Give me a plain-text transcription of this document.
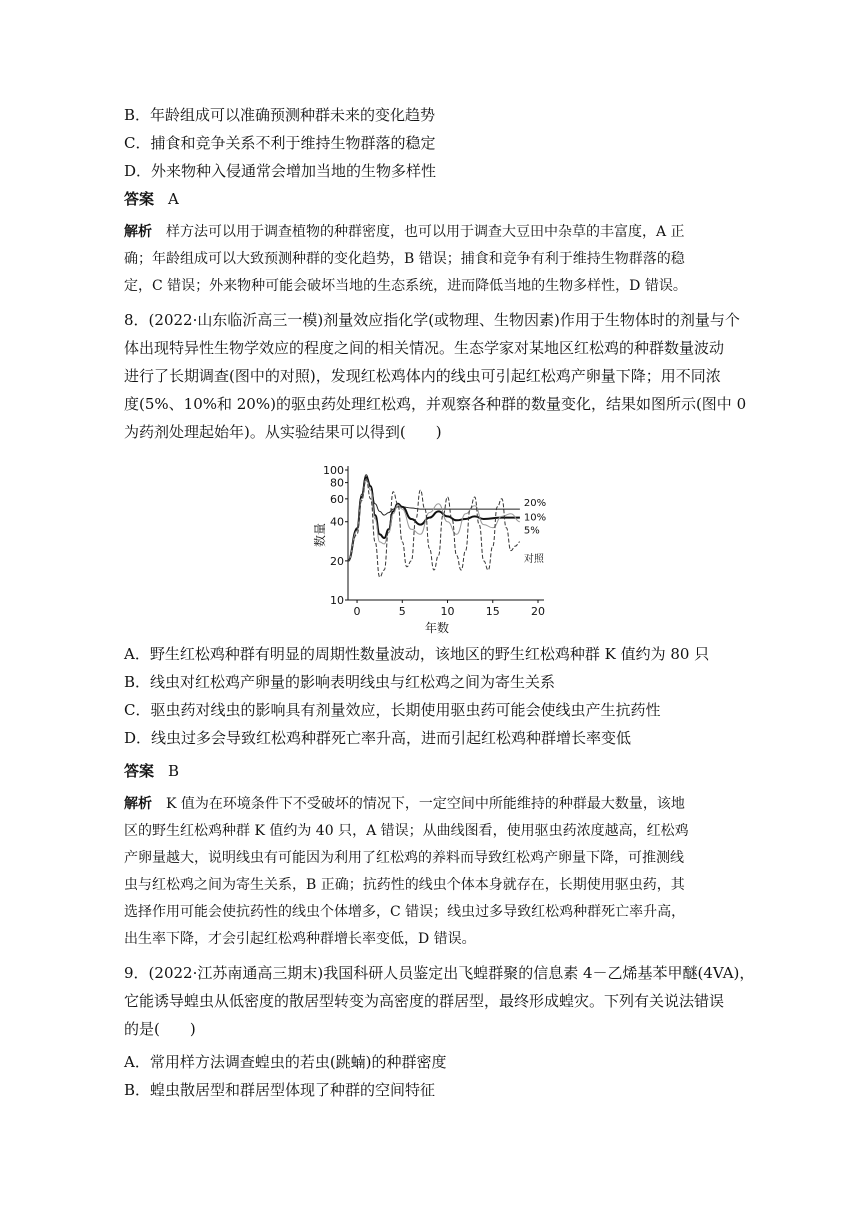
B．年龄组成可以准确预测种群未来的变化趋势
C．捕食和竞争关系不利于维持生物群落的稳定
D．外来物种入侵通常会增加当地的生物多样性
答案 A
解析 样方法可以用于调查植物的种群密度，也可以用于调查大豆田中杂草的丰富度，A 正
确；年龄组成可以大致预测种群的变化趋势，B 错误；捕食和竞争有利于维持生物群落的稳
定，C 错误；外来物种可能会破坏当地的生态系统，进而降低当地的生物多样性，D 错误。
8．(2022·山东临沂高三一模)剂量效应指化学(或物理、生物因素)作用于生物体时的剂量与个
体出现特异性生物学效应的程度之间的相关情况。生态学家对某地区红松鸡的种群数量波动
进行了长期调查(图中的对照)，发现红松鸡体内的线虫可引起红松鸡产卵量下降；用不同浓
度(5%、10%和 20%)的驱虫药处理红松鸡，并观察各种群的数量变化，结果如图所示(图中 0
为药剂处理起始年)。从实验结果可以得到(　　)
10
20
40
60
80
100
0	5	10	15	20
年数
数量
20%
10%
5%
对照
A．野生红松鸡种群有明显的周期性数量波动，该地区的野生红松鸡种群 K 值约为 80 只
B．线虫对红松鸡产卵量的影响表明线虫与红松鸡之间为寄生关系
C．驱虫药对线虫的影响具有剂量效应，长期使用驱虫药可能会使线虫产生抗药性
D．线虫过多会导致红松鸡种群死亡率升高，进而引起红松鸡种群增长率变低
答案 B
解析 K 值为在环境条件下不受破坏的情况下，一定空间中所能维持的种群最大数量，该地
区的野生红松鸡种群 K 值约为 40 只，A 错误；从曲线图看，使用驱虫药浓度越高，红松鸡
产卵量越大，说明线虫有可能因为利用了红松鸡的养料而导致红松鸡产卵量下降，可推测线
虫与红松鸡之间为寄生关系，B 正确；抗药性的线虫个体本身就存在，长期使用驱虫药，其
选择作用可能会使抗药性的线虫个体增多，C 错误；线虫过多导致红松鸡种群死亡率升高，
出生率下降，才会引起红松鸡种群增长率变低，D 错误。
9．(2022·江苏南通高三期末)我国科研人员鉴定出飞蝗群聚的信息素 4－乙烯基苯甲醚(4VA)，
它能诱导蝗虫从低密度的散居型转变为高密度的群居型，最终形成蝗灾。下列有关说法错误
的是(　　)
A．常用样方法调查蝗虫的若虫(跳蝻)的种群密度
B．蝗虫散居型和群居型体现了种群的空间特征
